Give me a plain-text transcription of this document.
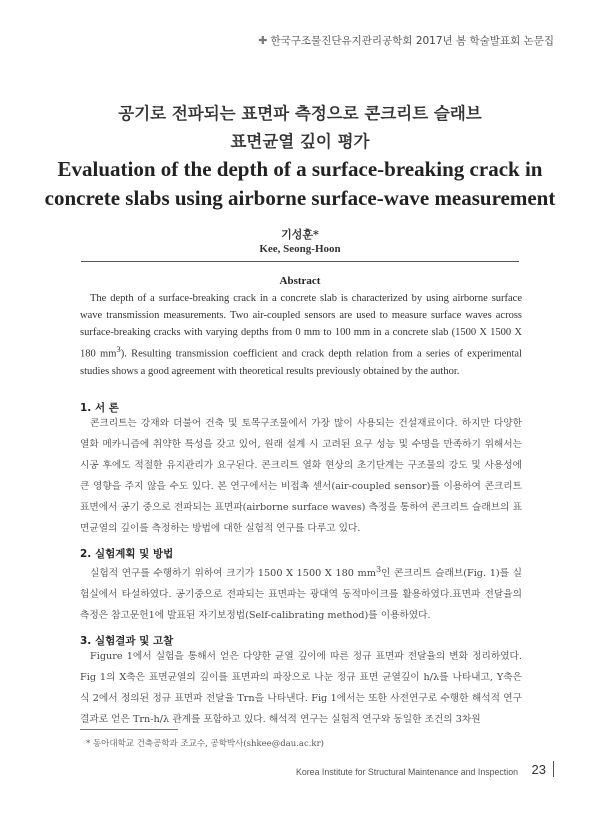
✚ 한국구조물진단유지관리공학회 2017년 봄 학술발표회 논문집
공기로 전파되는 표면파 측정으로 콘크리트 슬래브
표면균열 깊이 평가
Evaluation of the depth of a surface-breaking crack in
concrete slabs using airborne surface-wave measurement
기성훈*
Kee, Seong-Hoon
Abstract

The depth of a surface-breaking crack in a concrete slab is characterized by using airborne surface wave transmission measurements. Two air-coupled sensors are used to measure surface waves across surface-breaking cracks with varying depths from 0 mm to 100 mm in a concrete slab (1500 X 1500 X 180 $mm^3$). Resulting transmission coefficient and crack depth relation from a series of experimental studies shows a good agreement with theoretical results previously obtained by the author.

1. 서 론

콘크리트는 강재와 더불어 건축 및 토목구조물에서 가장 많이 사용되는 건설재료이다. 하지만 다양한 열화 메카니즘에 취약한 특성을 갖고 있어, 원래 설계 시 고려된 요구 성능 및 수명을 만족하기 위해서는 시공 후에도 적절한 유지관리가 요구된다. 콘크리트 열화 현상의 초기단계는 구조물의 강도 및 사용성에 큰 영향을 주지 않을 수도 있다. 본 연구에서는 비접촉 센서(air-coupled sensor)를 이용하여 콘크리트 표면에서 공기 중으로 전파되는 표면파(airborne surface waves) 측정을 통하여 콘크리트 슬래브의 표면균열의 깊이를 측정하는 방법에 대한 실험적 연구를 다루고 있다.

2. 실험계획 및 방법

실험적 연구를 수행하기 위하여 크기가 1500 X 1500 X 180 $mm^3$인 콘크리트 슬래브(Fig. 1)를 실험실에서 타설하였다. 공기중으로 전파되는 표면파는 광대역 동적마이크를 활용하였다.표면파 전달율의 측정은 참고문헌1에 발표된 자기보정법(Self-calibrating method)를 이용하였다.

3. 실험결과 및 고찰

Figure 1에서 실험을 통해서 얻은 다양한 균열 깊이에 따른 정규 표면파 전달율의 변화 정리하였다. Fig 1의 X축은 표면균열의 깊이를 표면파의 파장으로 나눈 정규 표면 균열깊이 h/λ를 나타내고, Y축은 식 2에서 정의된 정규 표면파 전달율 Trn을 나타낸다. Fig 1에서는 또한 사전연구로 수행한 해석적 연구결과로 얻은 Trn-h/λ 관계를 포함하고 있다. 해석적 연구는 실험적 연구와 동일한 조건의 3차원

* 동아대학교 건축공학과 조교수, 공학박사(shkee@dau.ac.kr)
Korea Institute for Structural Maintenance and Inspection 23
